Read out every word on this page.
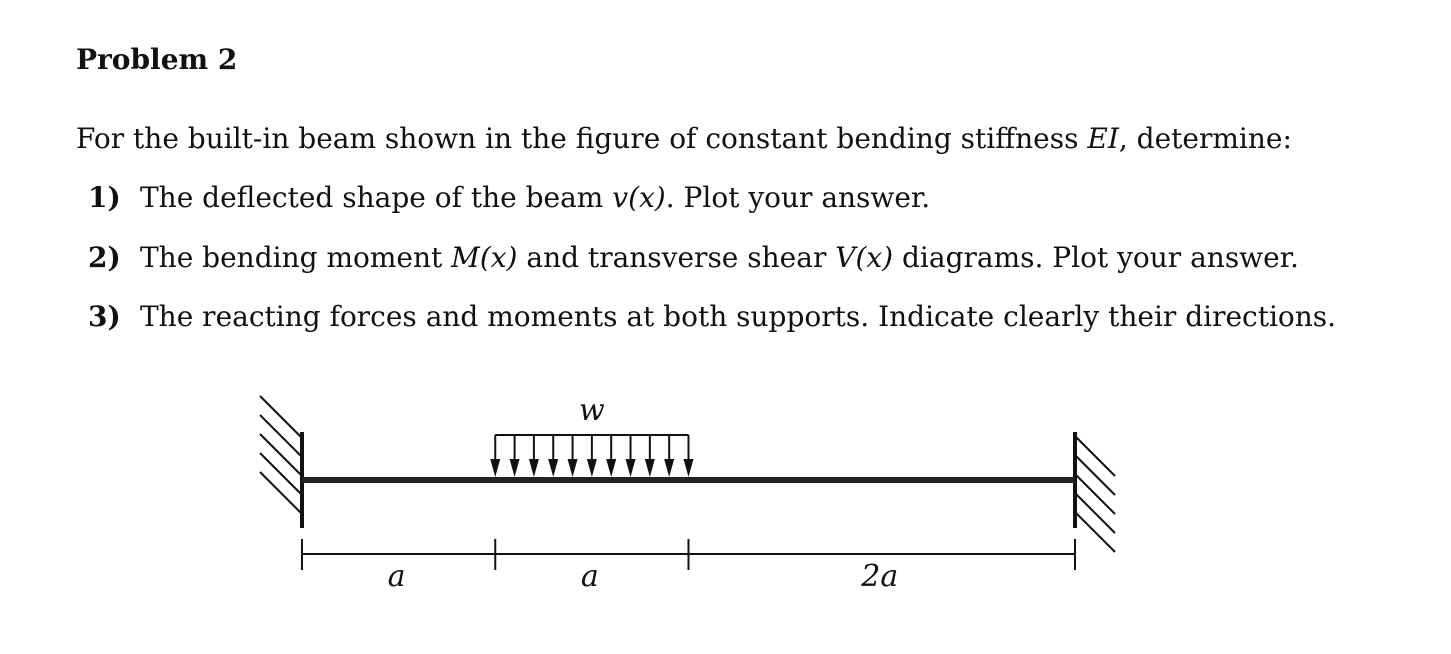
Problem 2
For the built-in beam shown in the figure of constant bending stiffness EI, determine:
1) The deflected shape of the beam v(x). Plot your answer.
2) The bending moment M(x) and transverse shear V(x) diagrams. Plot your answer.
3) The reacting forces and moments at both supports. Indicate clearly their directions.
w
a	a	2a
